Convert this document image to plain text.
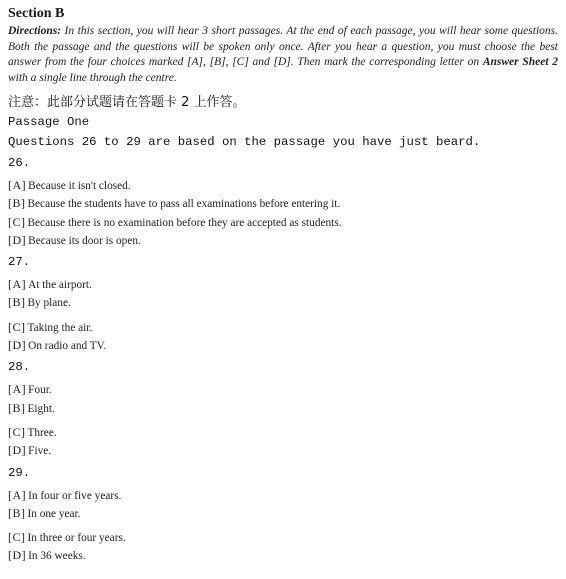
Section B

Directions: In this section, you will hear 3 short passages. At the end of each passage, you will hear some questions. Both the passage and the questions will be spoken only once. After you hear a question, you must choose the best answer from the four choices marked [A], [B], [C] and [D]. Then mark the corresponding letter on Answer Sheet 2 with a single line through the centre.

注意：此部分试题请在答题卡 2 上作答。
Passage One
Questions 26 to 29 are based on the passage you have just beard.
26.
[A] Because it isn't closed.
[B] Because the students have to pass all examinations before entering it.
[C] Because there is no examination before they are accepted as students.
[D] Because its door is open.
27.
[A] At the airport.
[B] By plane.
[C] Taking the air.
[D] On radio and TV.
28.
[A] Four.
[B] Eight.
[C] Three.
[D] Five.
29.
[A] In four or five years.
[B] In one year.
[C] In three or four years.
[D] In 36 weeks.
